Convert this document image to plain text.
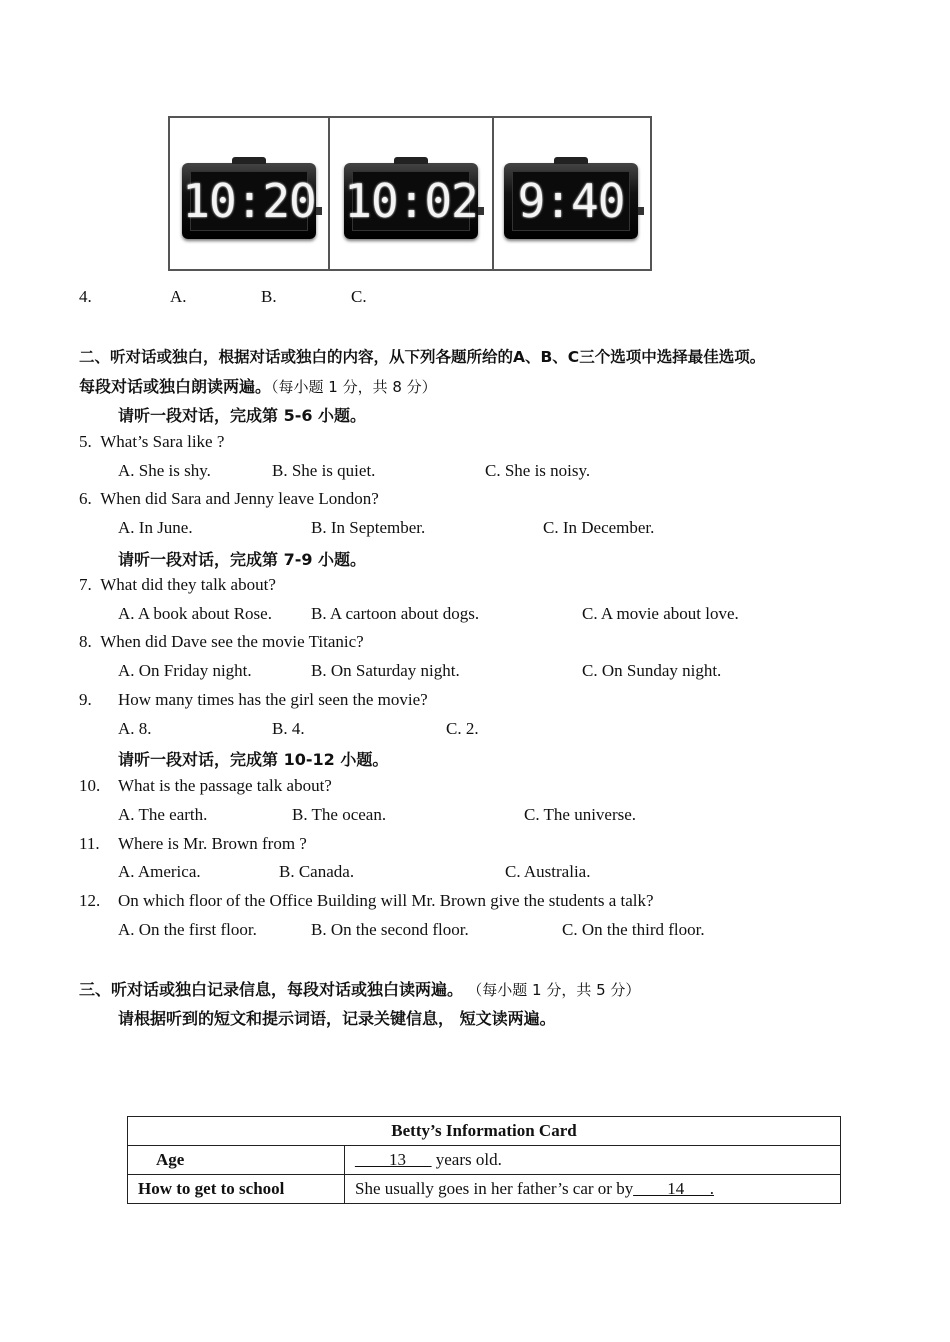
10:20 10:02 9:40
4.	A.	B.	C.
二、听对话或独白，根据对话或独白的内容，从下列各题所给的A、B、C三个选项中选择最佳选项。
每段对话或独白朗读两遍。（每小题 1 分，共 8 分）
请听一段对话，完成第 5-6 小题。
5. What’s Sara like ?
A. She is shy.	B. She is quiet.	C. She is noisy.
6. When did Sara and Jenny leave London?
A. In June.	B. In September.	C. In December.
请听一段对话，完成第 7-9 小题。
7. What did they talk about?
A. A book about Rose. B. A cartoon about dogs.	C. A movie about love.
8. When did Dave see the movie Titanic?
A. On Friday night.	B. On Saturday night.	C. On Sunday night.
9. How many times has the girl seen the movie?
A. 8.	B. 4.	C. 2.
请听一段对话，完成第 10-12 小题。
10. What is the passage talk about?
A. The earth.	B. The ocean.	C. The universe.
11. Where is Mr. Brown from ?
A. America.	B. Canada.	C. Australia.
12. On which floor of the Office Building will Mr. Brown give the students a talk?
A. On the first floor.	B. On the second floor.	C. On the third floor.
三、听对话或独白记录信息，每段对话或独白读两遍。 （每小题 1 分，共 5 分）
请根据听到的短文和提示词语，记录关键信息， 短文读两遍。
Betty’s Information Card	
Age	____13___ years old.
How to get to school	She usually goes in her father’s car or by____14___.
